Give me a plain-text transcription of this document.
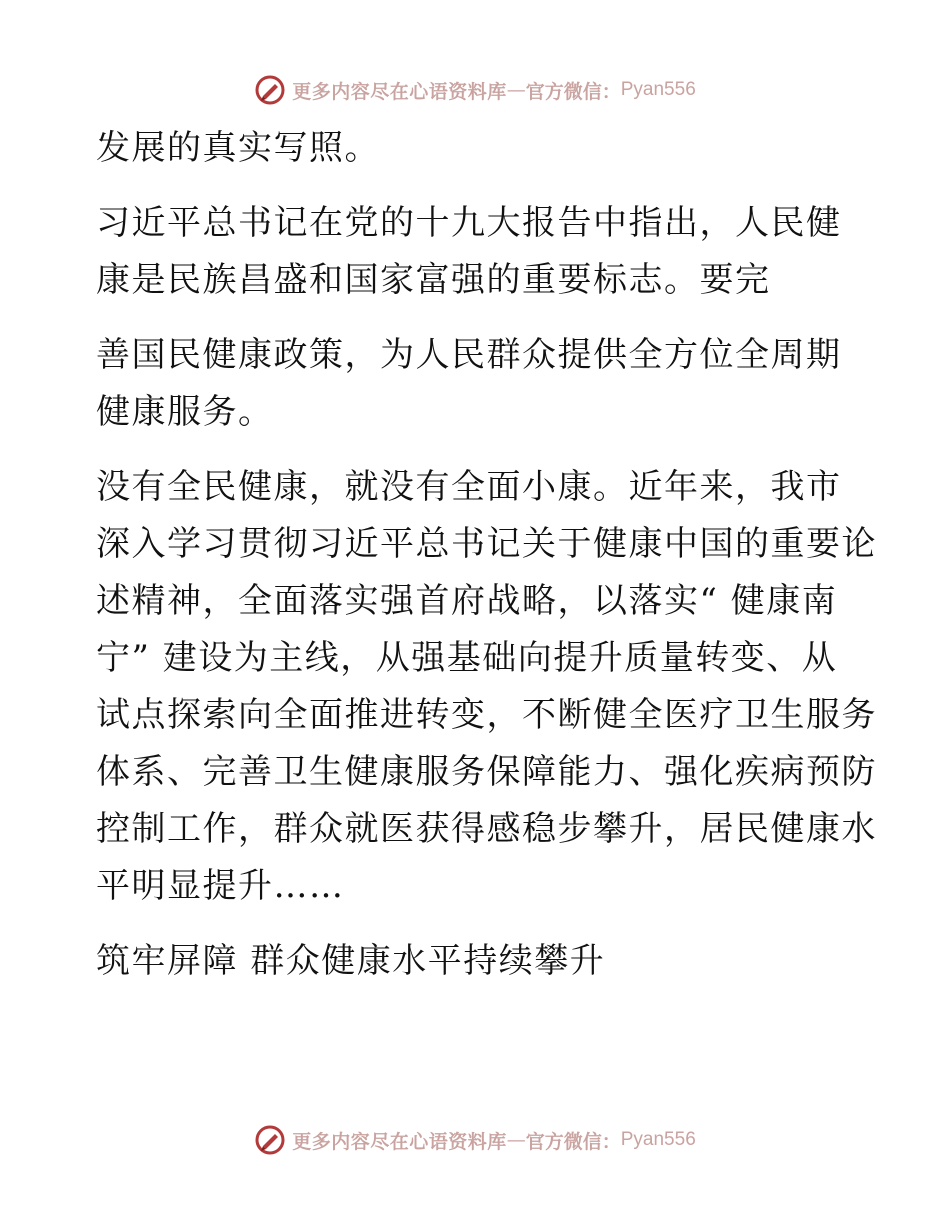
更多内容尽在心语资料库 — 官方微信： Pyan556
发展的真实写照。
习近平总书记在党的十九大报告中指出，人民健
康是民族昌盛和国家富强的重要标志。要完
善国民健康政策，为人民群众提供全方位全周期
健康服务。
没有全民健康，就没有全面小康。近年来，我市
深入学习贯彻习近平总书记关于健康中国的重要论
述精神，全面落实强首府战略，以落实“ 健康南
宁” 建设为主线，从强基础向提升质量转变、从
试点探索向全面推进转变，不断健全医疗卫生服务
体系、完善卫生健康服务保障能力、强化疾病预防
控制工作，群众就医获得感稳步攀升，居民健康水
平明显提升……
筑牢屏障 群众健康水平持续攀升
更多内容尽在心语资料库 — 官方微信： Pyan556
